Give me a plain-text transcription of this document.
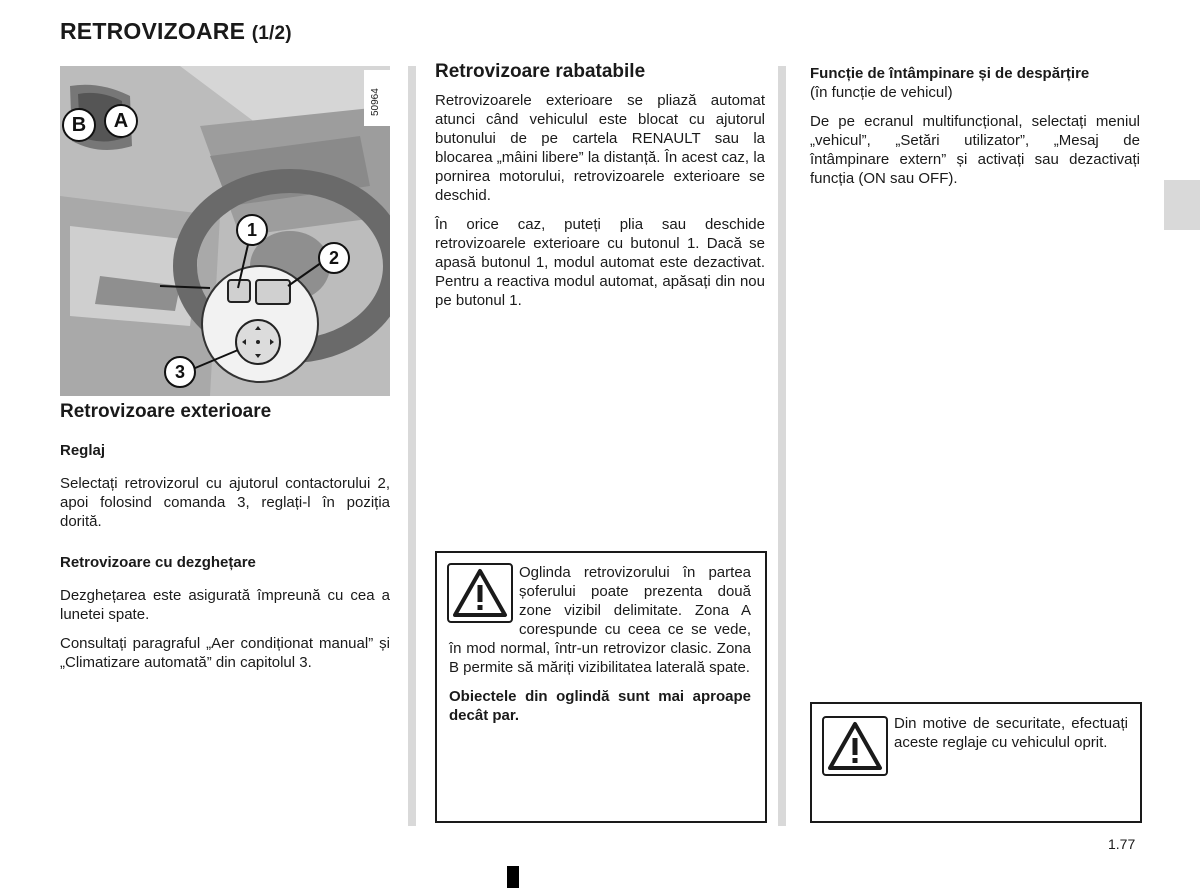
RETROVIZOARE (1/2)
A
B
1
2
3
50964
Retrovizoare exterioare

Reglaj

Selectați retrovizorul cu ajutorul contactorului 2, apoi folosind comanda 3, reglați-l în poziția dorită.

Retrovizoare cu dezghețare

Dezghețarea este asigurată împreună cu cea a lunetei spate.

Consultați paragraful „Aer condiționat manual” și „Climatizare automată” din capitolul 3.

Retrovizoare rabatabile

Retrovizoarele exterioare se pliază automat atunci când vehiculul este blocat cu ajutorul butonului de pe cartela RENAULT sau la blocarea „mâini libere” la distanță. În acest caz, la pornirea motorului, retrovizoarele exterioare se deschid.

În orice caz, puteți plia sau deschide retrovizoarele exterioare cu butonul 1. Dacă se apasă butonul 1, modul automat este dezactivat. Pentru a reactiva modul automat, apăsați din nou pe butonul 1.

Oglinda retrovizorului în partea șoferului poate prezenta două zone vizibil delimitate. Zona A corespunde cu ceea ce se vede, în mod normal, într-un retrovizor clasic. Zona B permite să măriți vizibilitatea laterală spate.

Obiectele din oglindă sunt mai aproape decât par.

Funcție de întâmpinare și de despărțire

(în funcție de vehicul)

De pe ecranul multifuncțional, selectați meniul „vehicul”, „Setări utilizator”, „Mesaj de întâmpinare extern” și activați sau dezactivați funcția (ON sau OFF).

Din motive de securitate, efectuați aceste reglaje cu vehiculul oprit.

1.77
